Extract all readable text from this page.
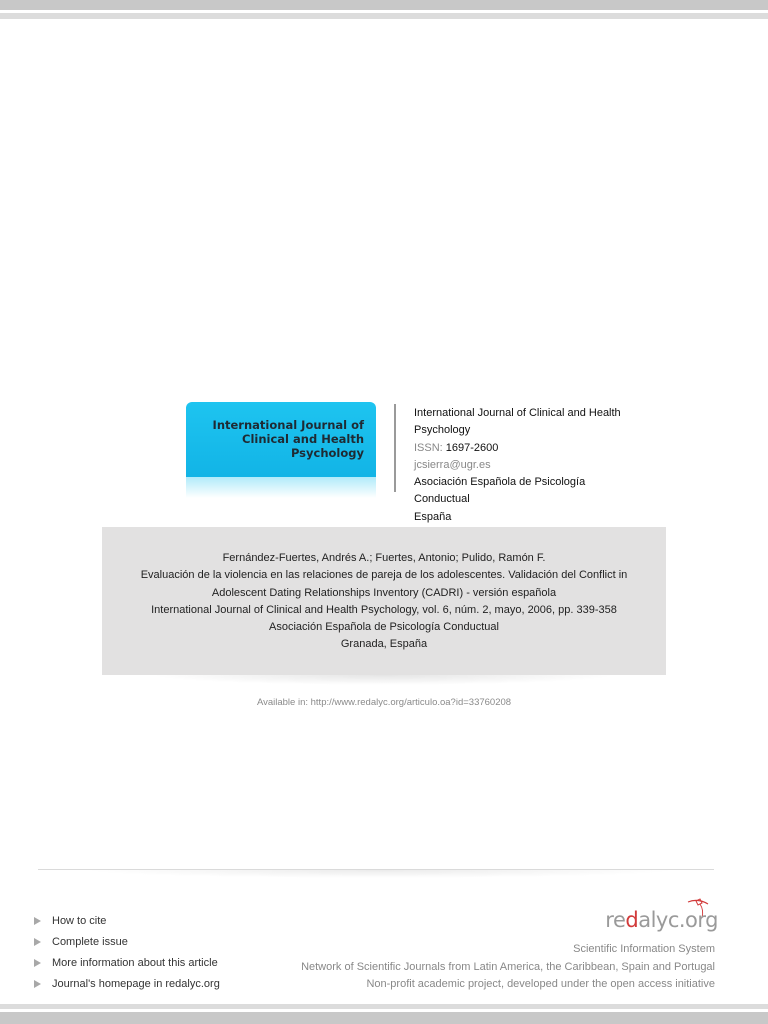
International Journal of
Clinical and Health
Psychology
International Journal of Clinical and Health
Psychology
ISSN: 1697-2600
jcsierra@ugr.es
Asociación Española de Psicología
Conductual
España
Fernández-Fuertes, Andrés A.; Fuertes, Antonio; Pulido, Ramón F.
Evaluación de la violencia en las relaciones de pareja de los adolescentes. Validación del Conflict in
Adolescent Dating Relationships Inventory (CADRI) - versión española
International Journal of Clinical and Health Psychology, vol. 6, núm. 2, mayo, 2006, pp. 339-358
Asociación Española de Psicología Conductual
Granada, España
Available in: http://www.redalyc.org/articulo.oa?id=33760208
How to cite
Complete issue
More information about this article
Journal's homepage in redalyc.org
redalyc.org
Scientific Information System
Network of Scientific Journals from Latin America, the Caribbean, Spain and Portugal
Non-profit academic project, developed under the open access initiative
